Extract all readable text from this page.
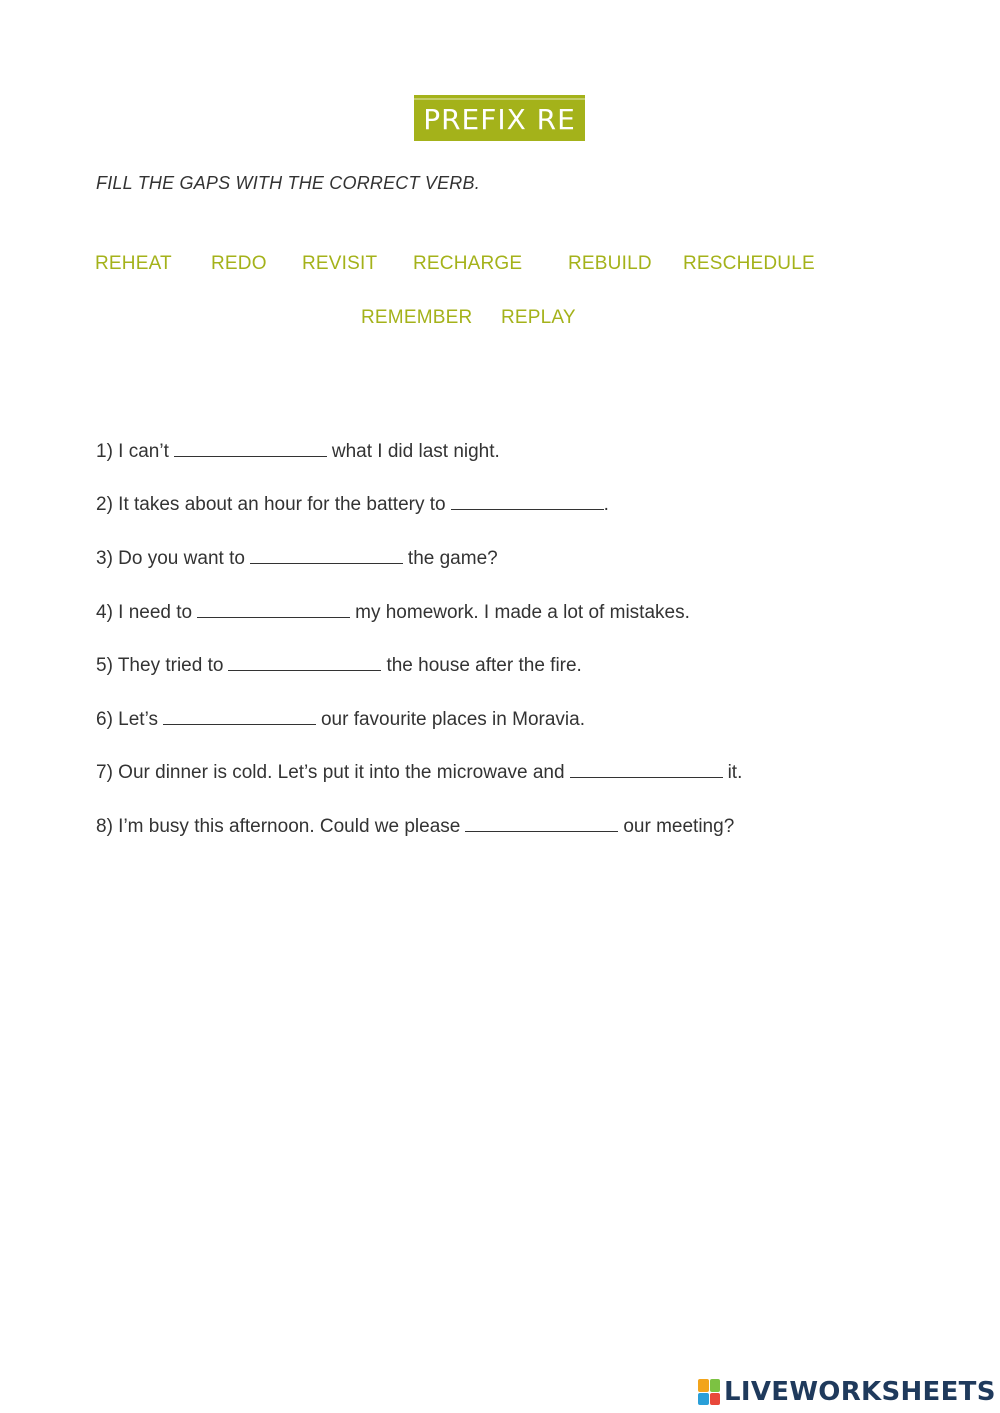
PREFIX RE
FILL THE GAPS WITH THE CORRECT VERB.
REHEAT REDO REVISIT RECHARGE REBUILD RESCHEDULE
REMEMBER REPLAY
1) I can’t	what I did last night.
2) It takes about an hour for the battery to	.
3) Do you want to	the game?
4) I need to	my homework. I made a lot of mistakes.
5) They tried to	the house after the fire.
6) Let’s	our favourite places in Moravia.
7) Our dinner is cold. Let’s put it into the microwave and	it.
8) I’m busy this afternoon. Could we please	our meeting?
LIVEWORKSHEETS
